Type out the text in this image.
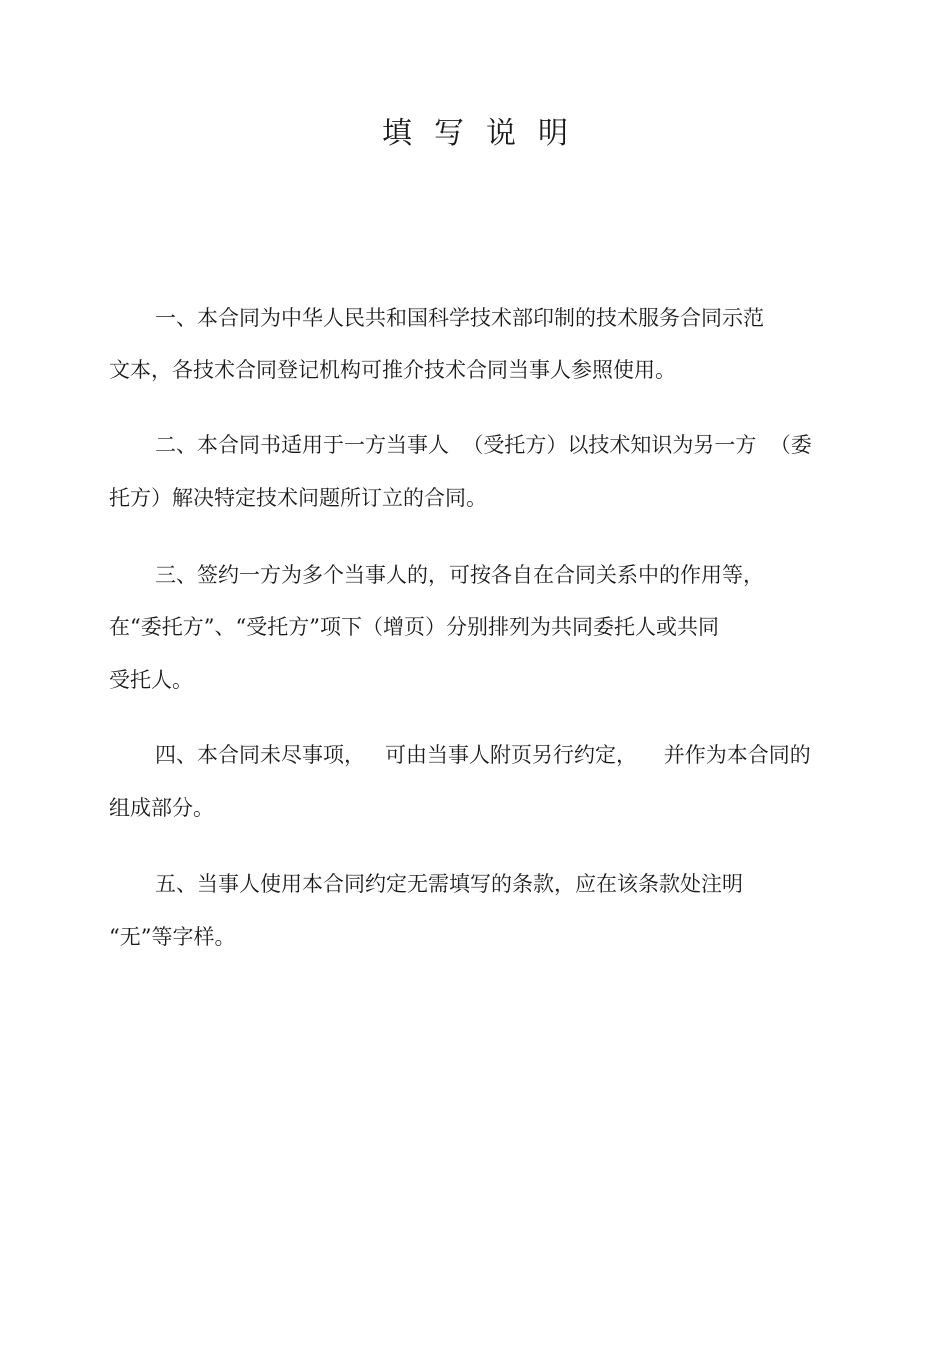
填 写 说 明
一、本合同为中华人民共和国科学技术部印制的技术服务合同示范
文本，各技术合同登记机构可推介技术合同当事人参照使用。
二、本合同书适用于一方当事人  （受托方）以技术知识为另一方  （委
托方）解决特定技术问题所订立的合同。
三、签约一方为多个当事人的，可按各自在合同关系中的作用等，
在“委托方”、“受托方”项下（增页）分别排列为共同委托人或共同
受托人。
四、本合同未尽事项，   可由当事人附页另行约定，    并作为本合同的
组成部分。
五、当事人使用本合同约定无需填写的条款，应在该条款处注明
“无”等字样。
